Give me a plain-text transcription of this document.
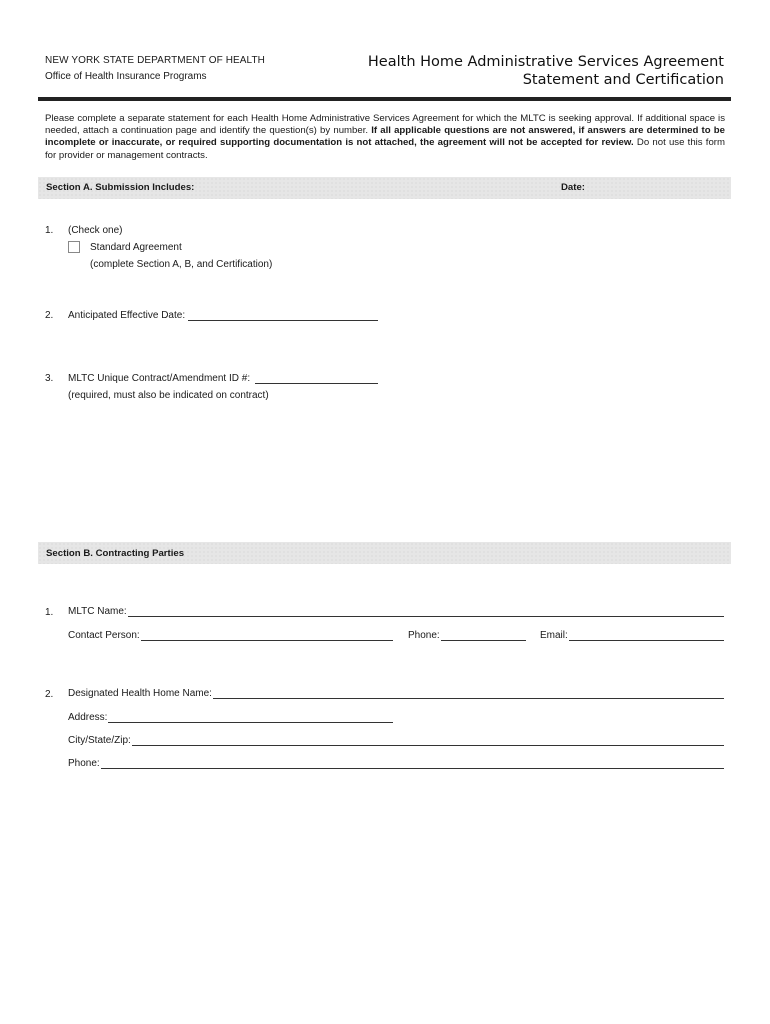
NEW YORK STATE DEPARTMENT OF HEALTH
Office of Health Insurance Programs
Health Home Administrative Services Agreement
Statement and Certification
Please complete a separate statement for each Health Home Administrative Services Agreement for which the MLTC is seeking approval. If additional space is needed, attach a continuation page and identify the question(s) by number. If all applicable questions are not answered, if answers are determined to be incomplete or inaccurate, or required supporting documentation is not attached, the agreement will not be accepted for review. Do not use this form for provider or management contracts.
Section A. Submission Includes:	Date:
1. (Check one)
Standard Agreement
(complete Section A, B, and Certification)
2. Anticipated Effective Date:
3. MLTC Unique Contract/Amendment ID #:
(required, must also be indicated on contract)
Section B. Contracting Parties
1. MLTC Name:
Contact Person:	Phone:	Email:
2. Designated Health Home Name:
Address:
City/State/Zip:
Phone:
